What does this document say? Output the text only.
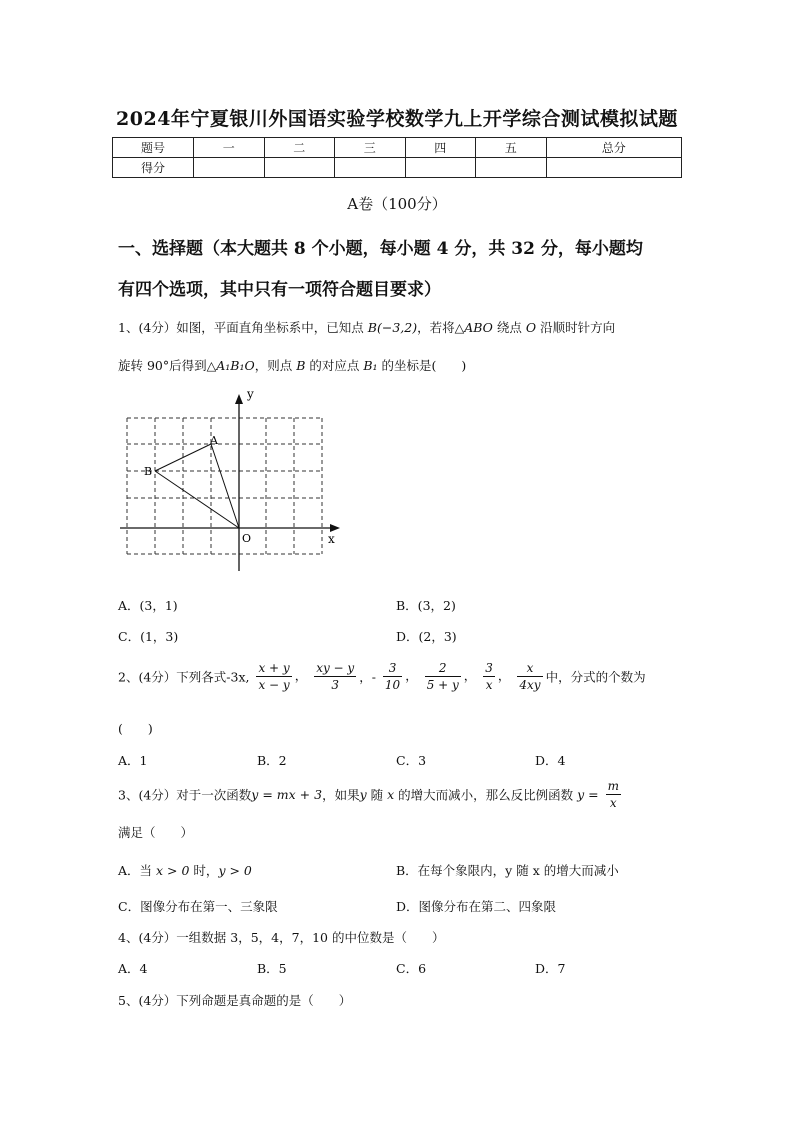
2024年宁夏银川外国语实验学校数学九上开学综合测试模拟试题
题号	一	二	三	四	五	总分
得分						
A卷（100分）
一、选择题（本大题共 8 个小题，每小题 4 分，共 32 分，每小题均
有四个选项，其中只有一项符合题目要求）
1、(4分）如图，平面直角坐标系中，已知点 B(−3,2)，若将△ABO 绕点 O 沿顺时针方向
旋转 90°后得到△A₁B₁O，则点 B 的对应点 B₁ 的坐标是(　　)
y
x
A
B
O
A．(3，1)	B．(3，2)
C．(1，3)	D．(2，3)
2、(4分）下列各式-3x, $\frac{x + y}{x - y}$ ， $\frac{xy - y}{3}$ ，- $\frac{3}{10}$ ， $\frac{2}{5 + y}$ ， $\frac{3}{x}$ ， $\frac{x}{4xy}$ 中，分式的个数为
(　　)
A．1	B．2	C．3	D．4
3、(4分）对于一次函数y = mx + 3，如果y 随 x 的增大而减小，那么反比例函数 $y = \frac{m}{x}$
满足（　　）
A．当 x > 0 时，y > 0	B．在每个象限内，y 随 x 的增大而减小
C．图像分布在第一、三象限	D．图像分布在第二、四象限
4、(4分）一组数据 3，5，4，7，10 的中位数是（　　）
A．4	B．5	C．6	D．7
5、(4分）下列命题是真命题的是（　　）
